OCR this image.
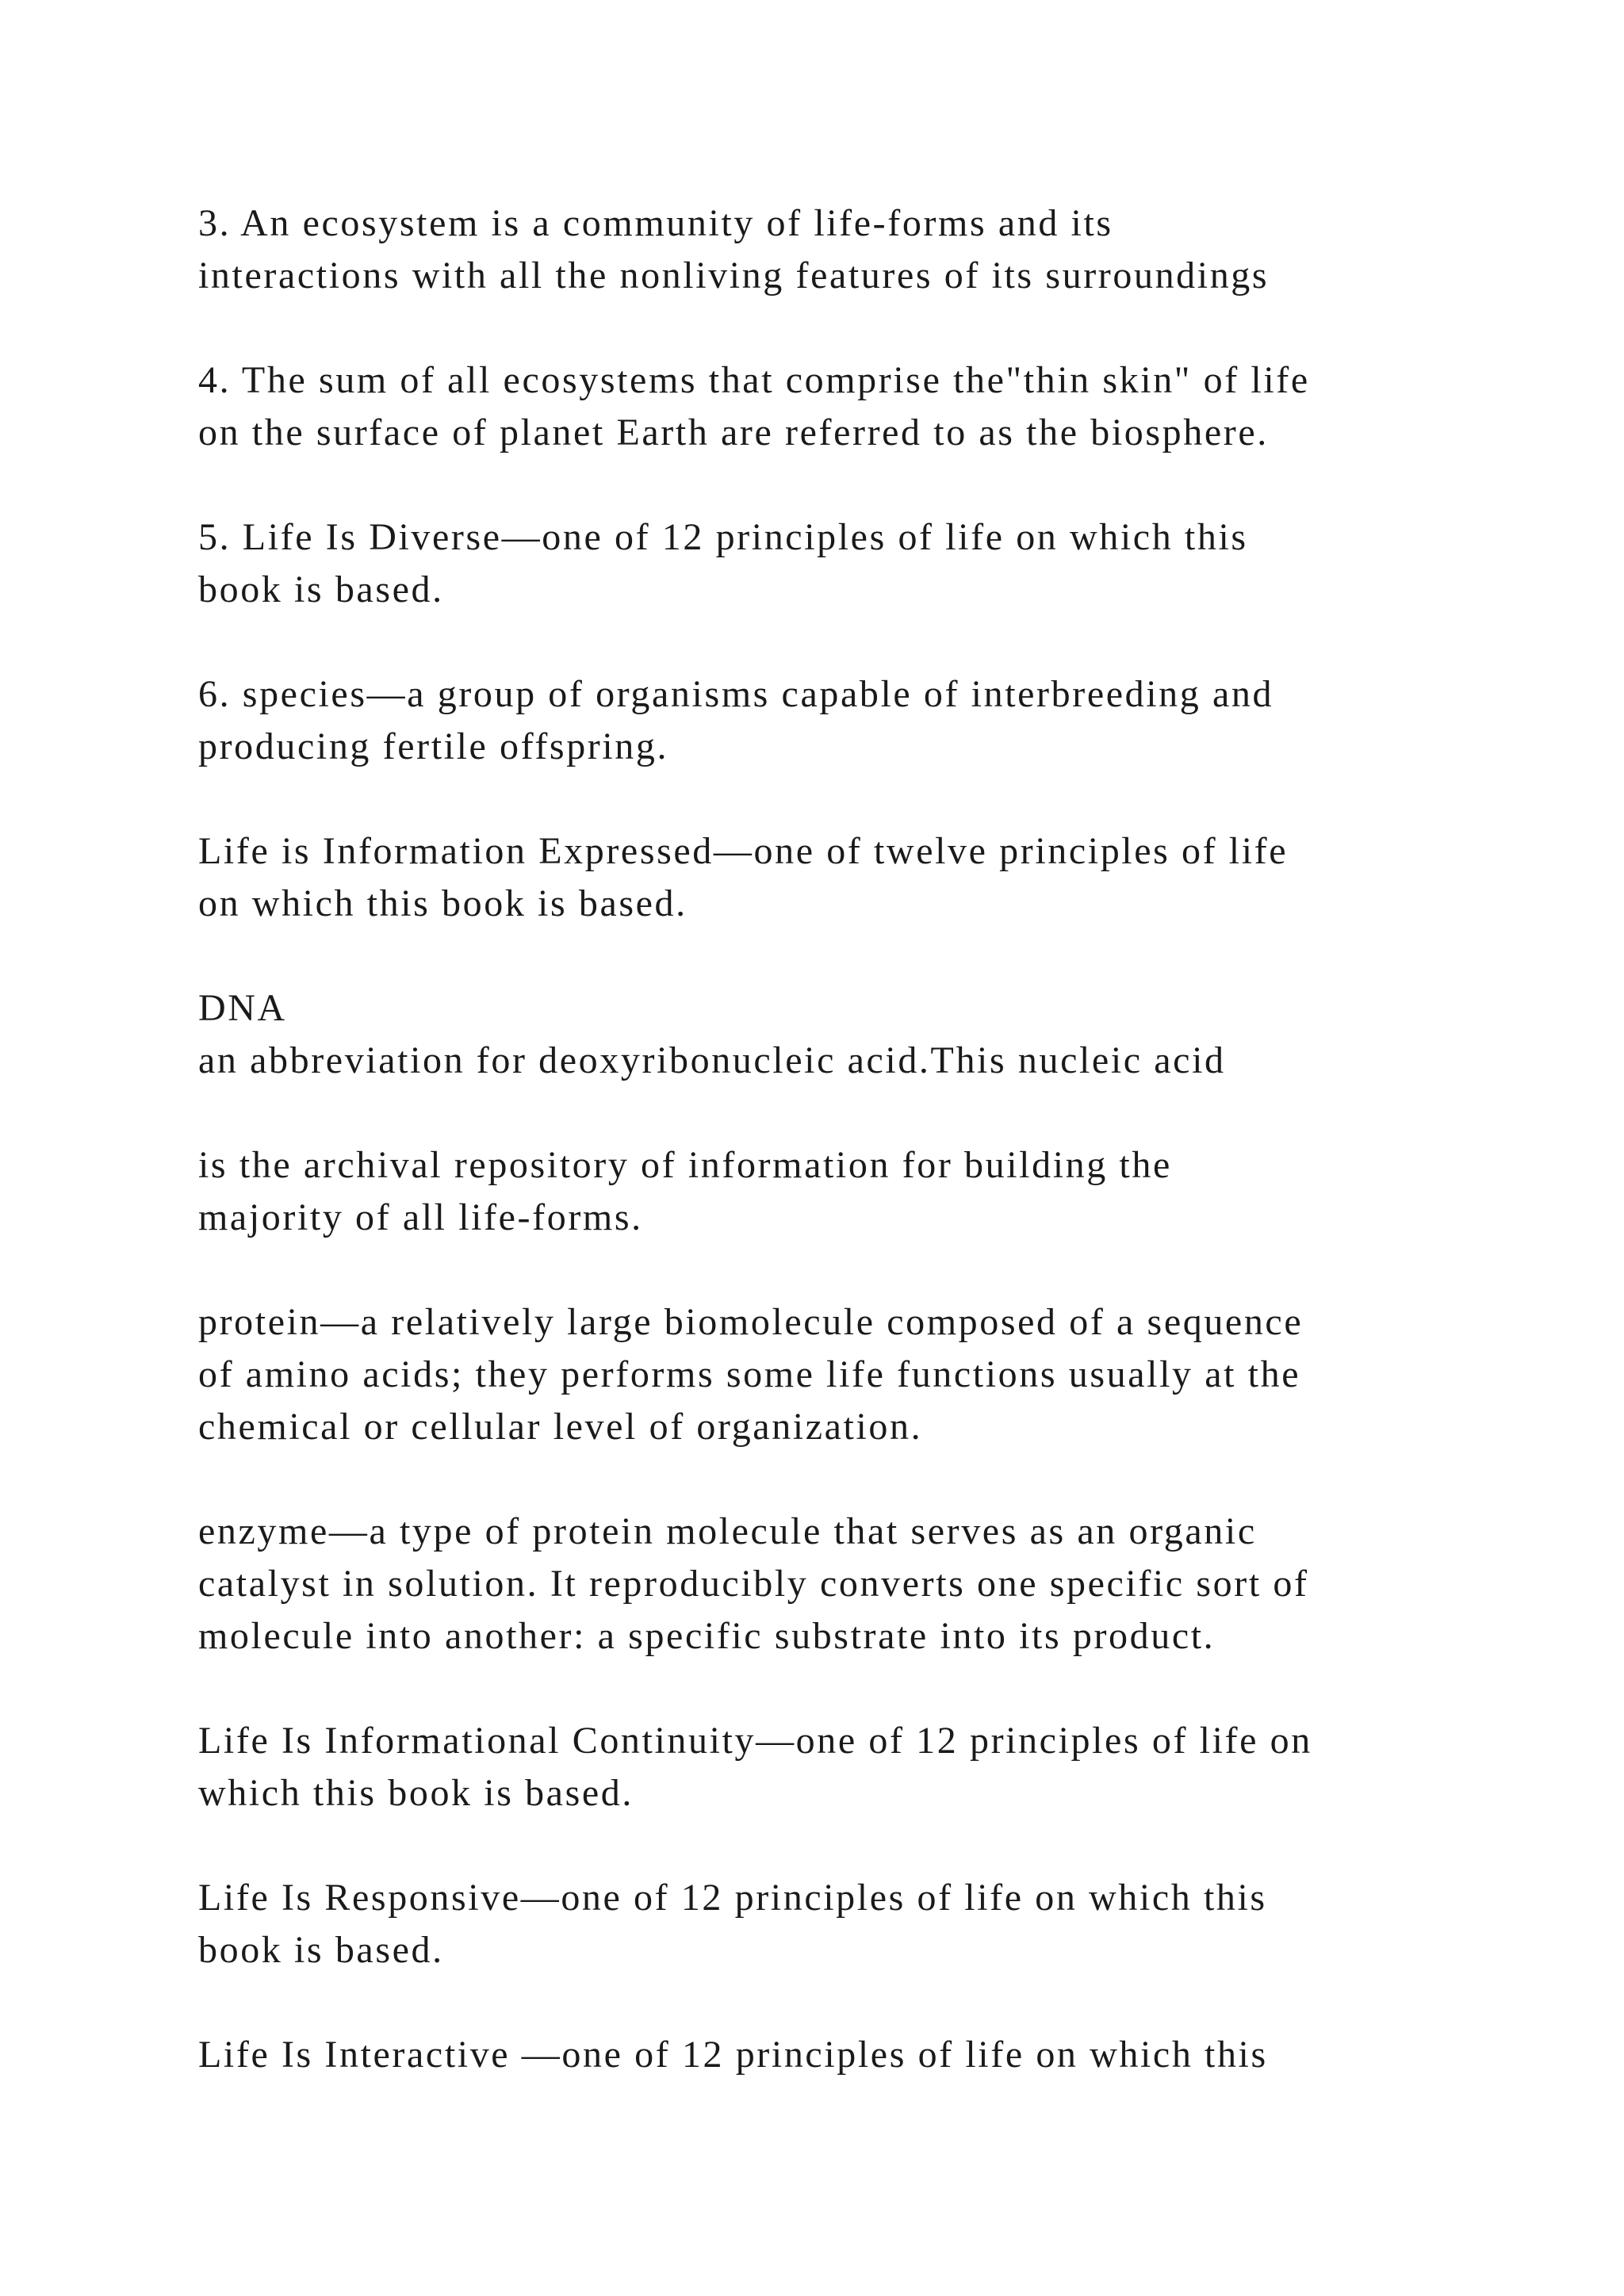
3. An ecosystem is a community of life-forms and its
interactions with all the nonliving features of its surroundings

4. The sum of all ecosystems that comprise the"thin skin" of life
on the surface of planet Earth are referred to as the biosphere.

5. Life Is Diverse—one of 12 principles of life on which this
book is based.

6. species—a group of organisms capable of interbreeding and
producing fertile offspring.

Life is Information Expressed—one of twelve principles of life
on which this book is based.

DNA
an abbreviation for deoxyribonucleic acid.This nucleic acid

is the archival repository of information for building the
majority of all life-forms.

protein—a relatively large biomolecule composed of a sequence
of amino acids; they performs some life functions usually at the
chemical or cellular level of organization.

enzyme—a type of protein molecule that serves as an organic
catalyst in solution. It reproducibly converts one specific sort of
molecule into another: a specific substrate into its product.

Life Is Informational Continuity—one of 12 principles of life on
which this book is based.

Life Is Responsive—one of 12 principles of life on which this
book is based.

Life Is Interactive —one of 12 principles of life on which this
